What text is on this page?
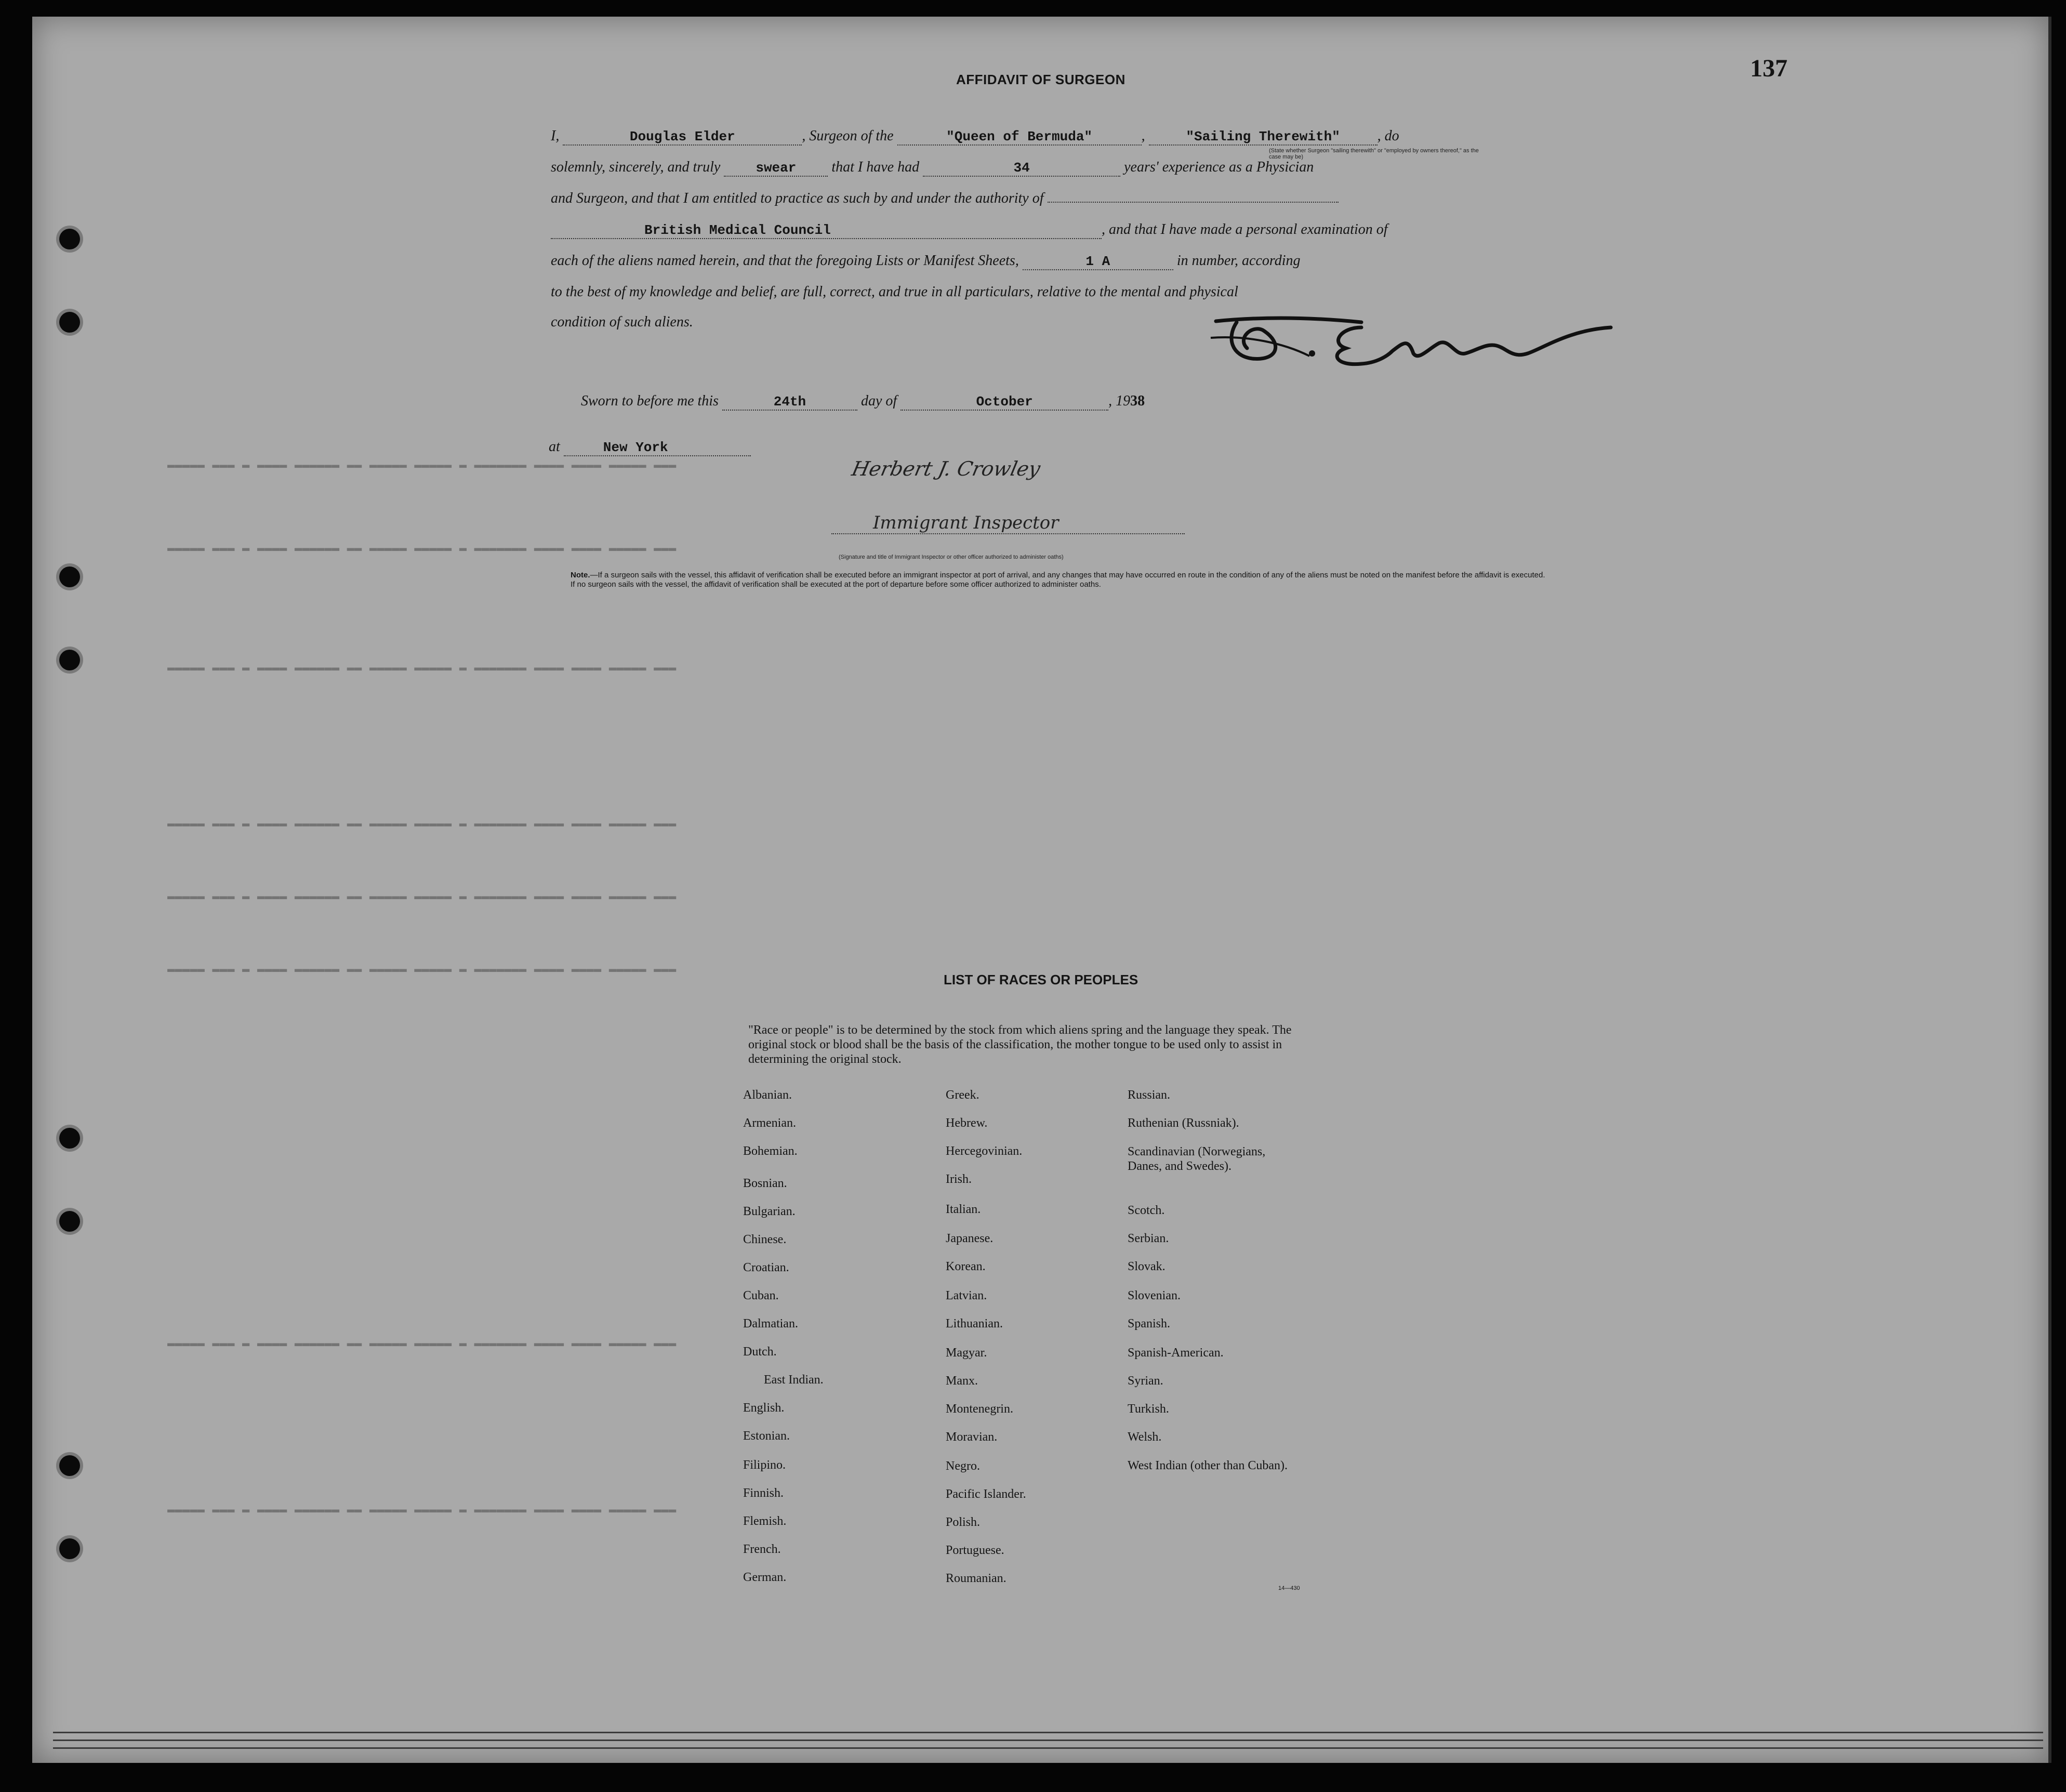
▬▬▬▬▬ ▬▬▬ ▬ ▬▬▬▬ ▬▬▬▬▬▬ ▬▬ ▬▬▬▬▬ ▬▬▬▬▬ ▬ ▬▬▬▬▬▬▬ ▬▬▬▬ ▬▬▬▬ ▬▬▬▬▬ ▬▬▬
▬▬▬▬▬ ▬▬▬ ▬ ▬▬▬▬ ▬▬▬▬▬▬ ▬▬ ▬▬▬▬▬ ▬▬▬▬▬ ▬ ▬▬▬▬▬▬▬ ▬▬▬▬ ▬▬▬▬ ▬▬▬▬▬ ▬▬▬
▬▬▬▬▬ ▬▬▬ ▬ ▬▬▬▬ ▬▬▬▬▬▬ ▬▬ ▬▬▬▬▬ ▬▬▬▬▬ ▬ ▬▬▬▬▬▬▬ ▬▬▬▬ ▬▬▬▬ ▬▬▬▬▬ ▬▬▬
▬▬▬▬▬ ▬▬▬ ▬ ▬▬▬▬ ▬▬▬▬▬▬ ▬▬ ▬▬▬▬▬ ▬▬▬▬▬ ▬ ▬▬▬▬▬▬▬ ▬▬▬▬ ▬▬▬▬ ▬▬▬▬▬ ▬▬▬
▬▬▬▬▬ ▬▬▬ ▬ ▬▬▬▬ ▬▬▬▬▬▬ ▬▬ ▬▬▬▬▬ ▬▬▬▬▬ ▬ ▬▬▬▬▬▬▬ ▬▬▬▬ ▬▬▬▬ ▬▬▬▬▬ ▬▬▬
▬▬▬▬▬ ▬▬▬ ▬ ▬▬▬▬ ▬▬▬▬▬▬ ▬▬ ▬▬▬▬▬ ▬▬▬▬▬ ▬ ▬▬▬▬▬▬▬ ▬▬▬▬ ▬▬▬▬ ▬▬▬▬▬ ▬▬▬
▬▬▬▬▬ ▬▬▬ ▬ ▬▬▬▬ ▬▬▬▬▬▬ ▬▬ ▬▬▬▬▬ ▬▬▬▬▬ ▬ ▬▬▬▬▬▬▬ ▬▬▬▬ ▬▬▬▬ ▬▬▬▬▬ ▬▬▬
▬▬▬▬▬ ▬▬▬ ▬ ▬▬▬▬ ▬▬▬▬▬▬ ▬▬ ▬▬▬▬▬ ▬▬▬▬▬ ▬ ▬▬▬▬▬▬▬ ▬▬▬▬ ▬▬▬▬ ▬▬▬▬▬ ▬▬▬
137
AFFIDAVIT OF SURGEON
I,	Douglas Elder	, Surgeon of the	"Queen of Bermuda"	,	"Sailing Therewith"	, do
(State whether Surgeon "sailing therewith" or "employed by owners thereof," as the case may be)
solemnly, sincerely, and truly	swear that I have had	34	years' experience as a Physician
and Surgeon, and that I am entitled to practice as such by and under the authority of
British Medical Council	, and that I have made a personal examination of
each of the aliens named herein, and that the foregoing Lists or Manifest Sheets,	1 A	in number, according
to the best of my knowledge and belief, are full, correct, and true in all particulars, relative to the mental and physical
condition of such aliens.
Sworn to before me this	24th	day of	October	, 1938
at	New York
Herbert J. Crowley
Immigrant Inspector
(Signature and title of Immigrant Inspector or other officer authorized to administer oaths)
Note.—If a surgeon sails with the vessel, this affidavit of verification shall be executed before an immigrant inspector at port of arrival, and any changes that may have occurred en route in the condition of any of the aliens must be noted on the manifest before the affidavit is executed.
If no surgeon sails with the vessel, the affidavit of verification shall be executed at the port of departure before some officer authorized to administer oaths.
LIST OF RACES OR PEOPLES
"Race or people" is to be determined by the stock from which aliens spring and the language they speak. The original stock or blood shall be the basis of the classification, the mother tongue to be used only to assist in determining the original stock.
Albanian.
Armenian.
Bohemian.
Bosnian.
Bulgarian.
Chinese.
Croatian.
Cuban.
Dalmatian.
Dutch.
East Indian.
English.
Estonian.
Filipino.
Finnish.
Flemish.
French.
German.
Greek.
Hebrew.
Hercegovinian.
Irish.
Italian.
Japanese.
Korean.
Latvian.
Lithuanian.
Magyar.
Manx.
Montenegrin.
Moravian.
Negro.
Pacific Islander.
Polish.
Portuguese.
Roumanian.
Russian.
Ruthenian (Russniak).
Scandinavian (Norwegians, Danes, and Swedes).
Scotch.
Serbian.
Slovak.
Slovenian.
Spanish.
Spanish-American.
Syrian.
Turkish.
Welsh.
West Indian (other than Cuban).
14—430
